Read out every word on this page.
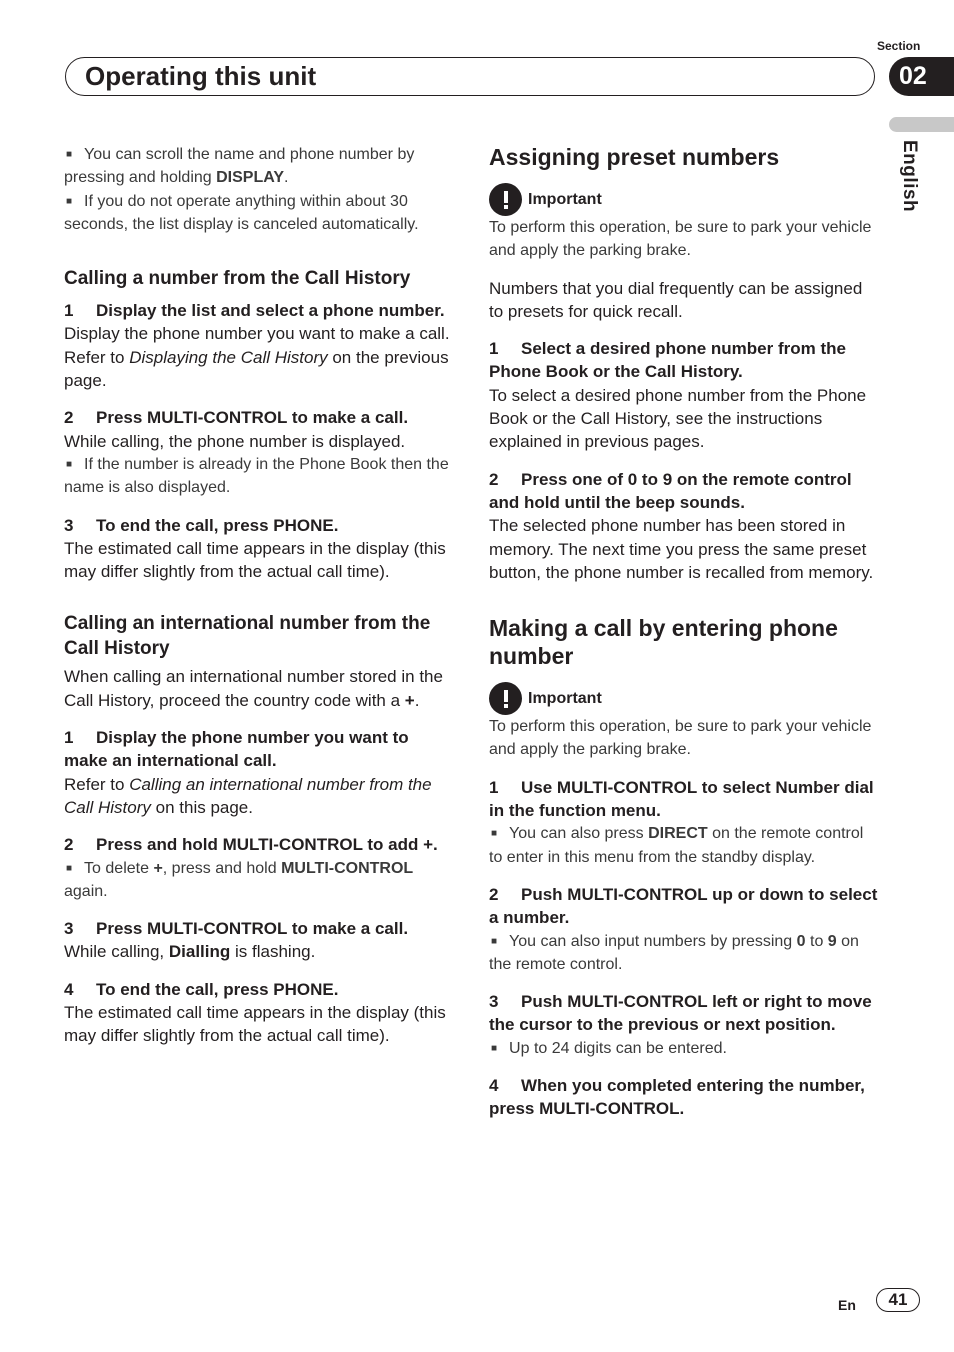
Section
02
Operating this unit
English

■ You can scroll the name and phone number by pressing and holding DISPLAY.

■ If you do not operate anything within about 30 seconds, the list display is canceled automatically.

Calling a number from the Call History

1 Display the list and select a phone number.

Display the phone number you want to make a call.

Refer to Displaying the Call History on the previous page.

2 Press MULTI-CONTROL to make a call.

While calling, the phone number is displayed.

■ If the number is already in the Phone Book then the name is also displayed.

3 To end the call, press PHONE.

The estimated call time appears in the display (this may differ slightly from the actual call time).

Calling an international number from the Call History

When calling an international number stored in the Call History, proceed the country code with a +.

1 Display the phone number you want to make an international call.

Refer to Calling an international number from the Call History on this page.

2 Press and hold MULTI-CONTROL to add +.

■ To delete +, press and hold MULTI-CONTROL again.

3 Press MULTI-CONTROL to make a call.

While calling, Dialling is flashing.

4 To end the call, press PHONE.

The estimated call time appears in the display (this may differ slightly from the actual call time).

Assigning preset numbers

Important

To perform this operation, be sure to park your vehicle and apply the parking brake.

Numbers that you dial frequently can be assigned to presets for quick recall.

1 Select a desired phone number from the Phone Book or the Call History.

To select a desired phone number from the Phone Book or the Call History, see the instructions explained in previous pages.

2 Press one of 0 to 9 on the remote control and hold until the beep sounds.

The selected phone number has been stored in memory. The next time you press the same preset button, the phone number is recalled from memory.

Making a call by entering phone number

Important

To perform this operation, be sure to park your vehicle and apply the parking brake.

1 Use MULTI-CONTROL to select Number dial in the function menu.

■ You can also press DIRECT on the remote control to enter in this menu from the standby display.

2 Push MULTI-CONTROL up or down to select a number.

■ You can also input numbers by pressing 0 to 9 on the remote control.

3 Push MULTI-CONTROL left or right to move the cursor to the previous or next position.

■ Up to 24 digits can be entered.

4 When you completed entering the number, press MULTI-CONTROL.

En	41
